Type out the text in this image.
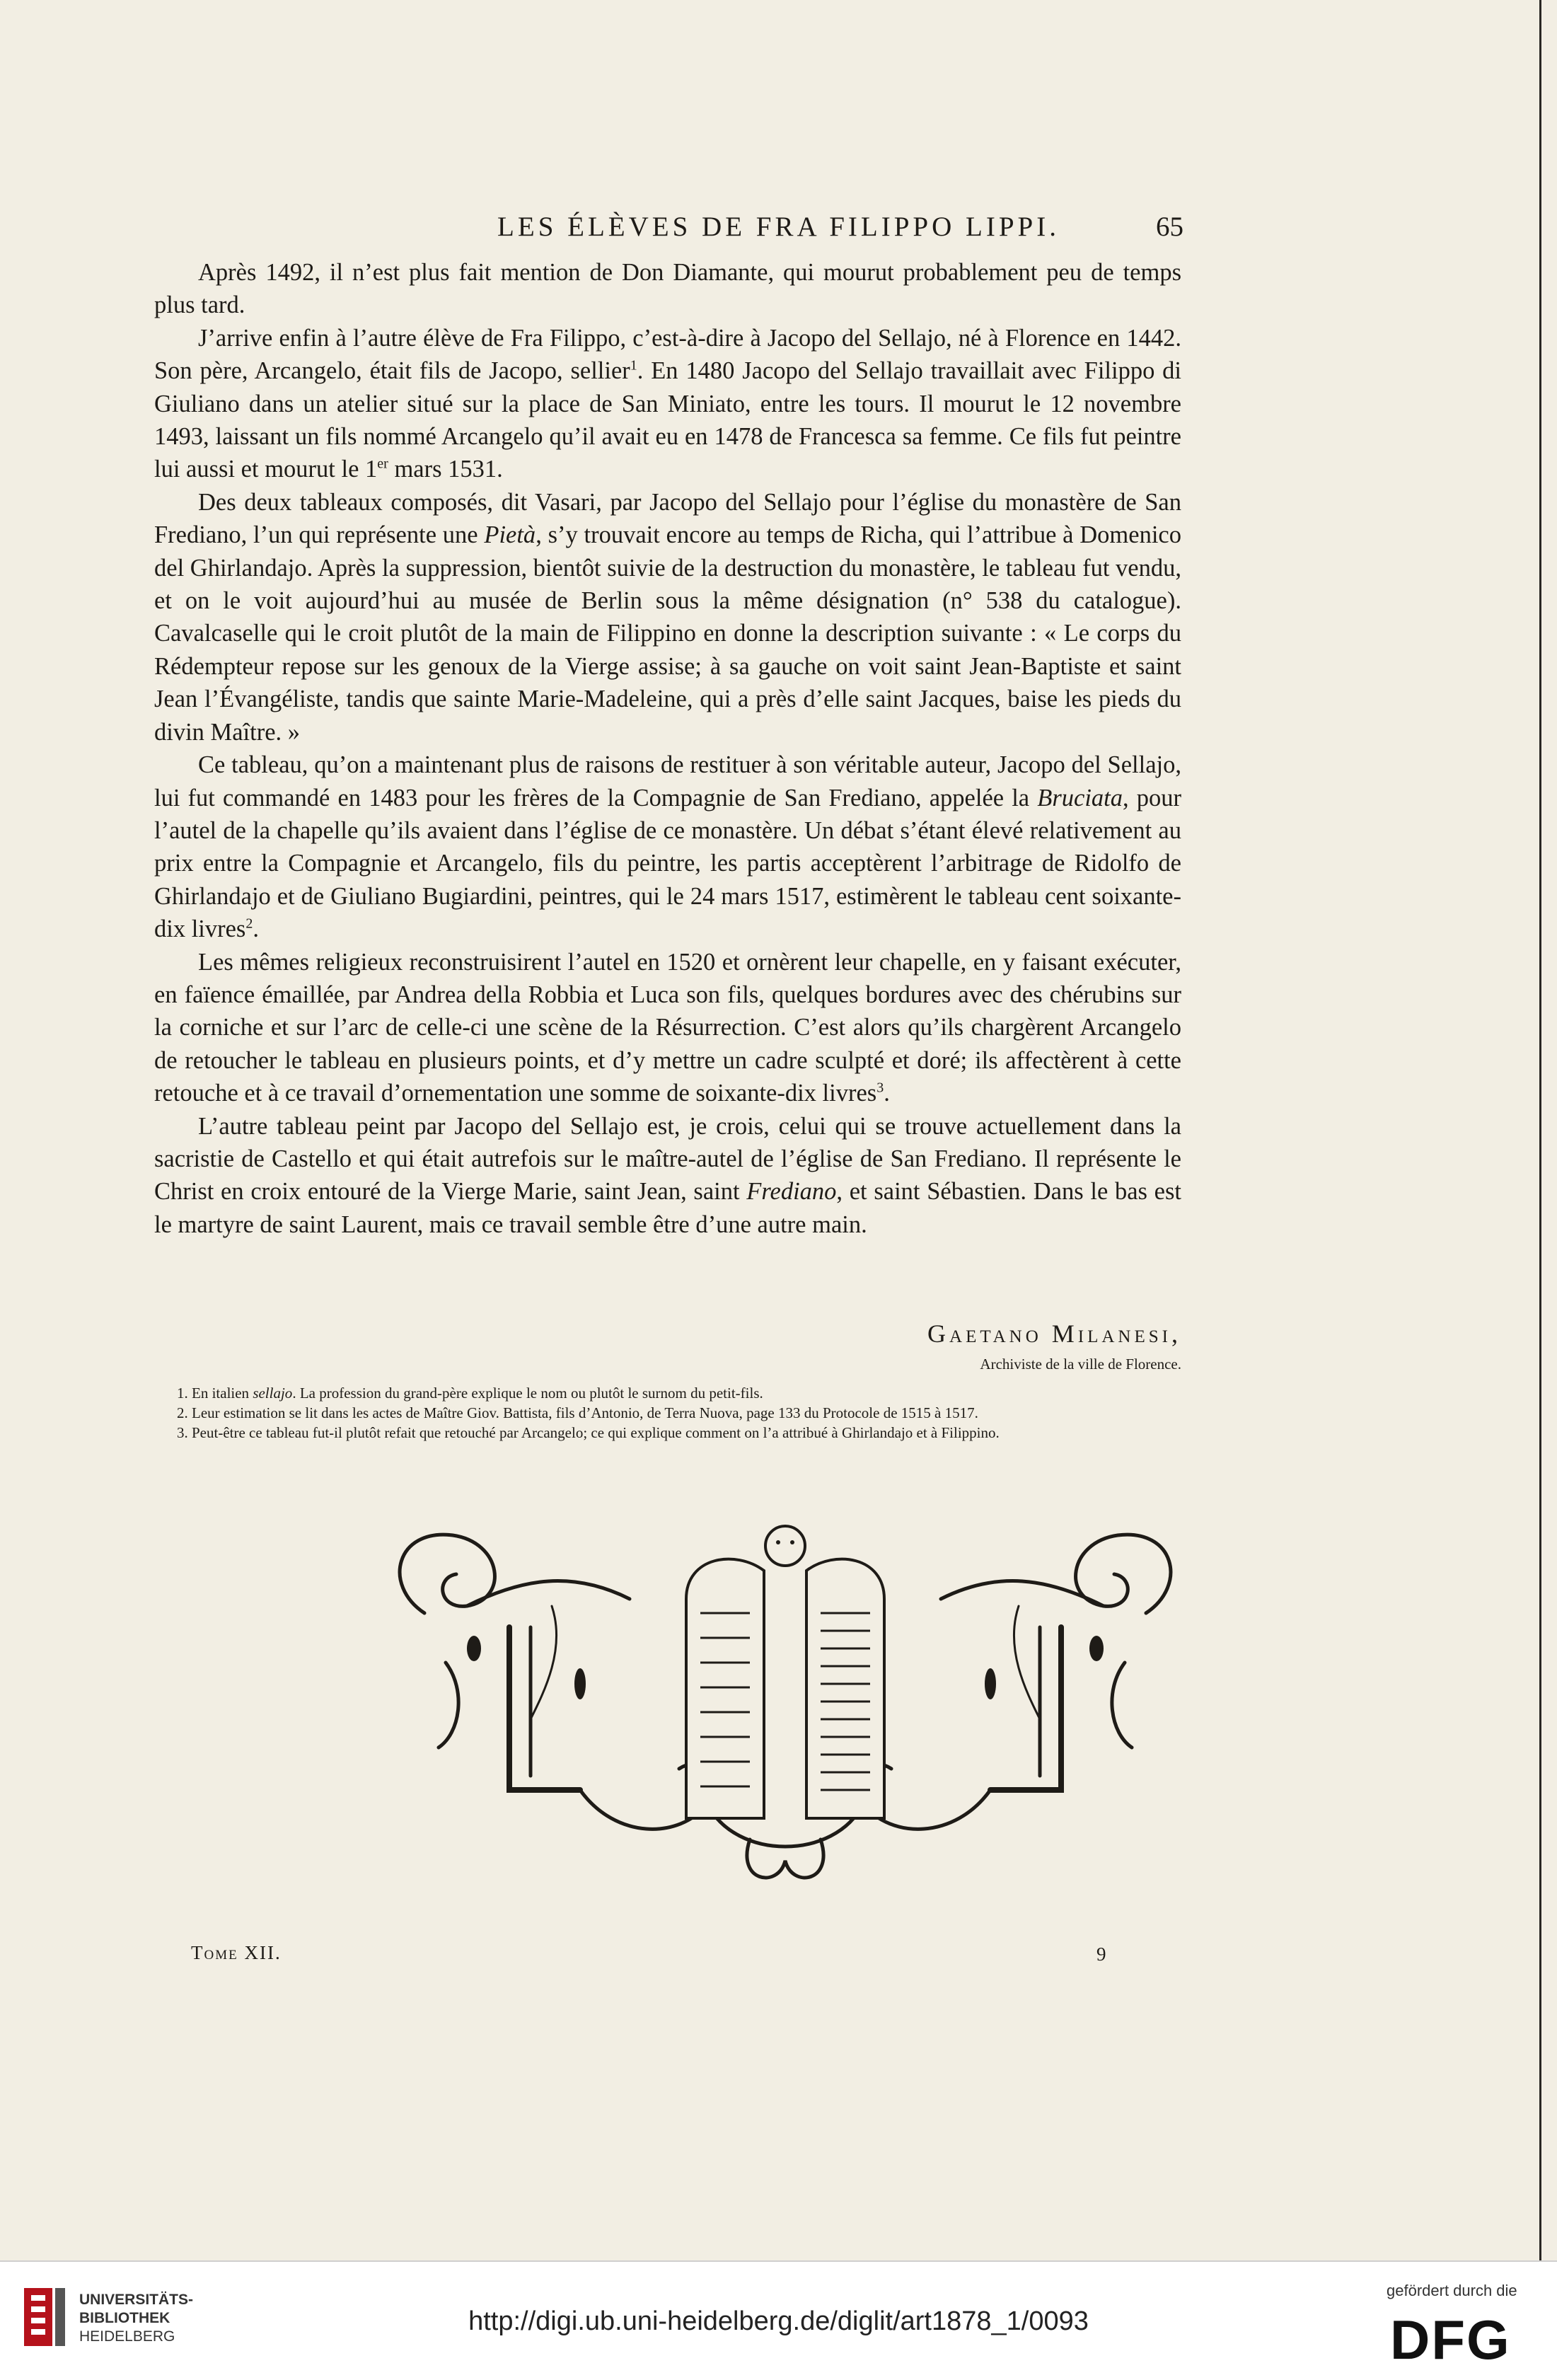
LES ÉLÈVES DE FRA FILIPPO LIPPI.	65

Après 1492, il n’est plus fait mention de Don Diamante, qui mourut probablement peu de temps plus tard.

J’arrive enfin à l’autre élève de Fra Filippo, c’est-à-dire à Jacopo del Sellajo, né à Florence en 1442. Son père, Arcangelo, était fils de Jacopo, sellier$^1$. En 1480 Jacopo del Sellajo travaillait avec Filippo di Giuliano dans un atelier situé sur la place de San Miniato, entre les tours. Il mourut le 12 novembre 1493, laissant un fils nommé Arcangelo qu’il avait eu en 1478 de Francesca sa femme. Ce fils fut peintre lui aussi et mourut le 1er mars 1531.

Des deux tableaux composés, dit Vasari, par Jacopo del Sellajo pour l’église du monastère de San Frediano, l’un qui représente une Pietà, s’y trouvait encore au temps de Richa, qui l’attribue à Domenico del Ghirlandajo. Après la suppression, bientôt suivie de la destruction du monastère, le tableau fut vendu, et on le voit aujourd’hui au musée de Berlin sous la même désignation (n° 538 du catalogue). Cavalcaselle qui le croit plutôt de la main de Filippino en donne la description suivante : « Le corps du Rédempteur repose sur les genoux de la Vierge assise; à sa gauche on voit saint Jean-Baptiste et saint Jean l’Évangéliste, tandis que sainte Marie-Madeleine, qui a près d’elle saint Jacques, baise les pieds du divin Maître. »

Ce tableau, qu’on a maintenant plus de raisons de restituer à son véritable auteur, Jacopo del Sellajo, lui fut commandé en 1483 pour les frères de la Compagnie de San Frediano, appelée la Bruciata, pour l’autel de la chapelle qu’ils avaient dans l’église de ce monastère. Un débat s’étant élevé relativement au prix entre la Compagnie et Arcangelo, fils du peintre, les partis acceptèrent l’arbitrage de Ridolfo de Ghirlandajo et de Giuliano Bugiardini, peintres, qui le 24 mars 1517, estimèrent le tableau cent soixante-dix livres$^2$.

Les mêmes religieux reconstruisirent l’autel en 1520 et ornèrent leur chapelle, en y faisant exécuter, en faïence émaillée, par Andrea della Robbia et Luca son fils, quelques bordures avec des chérubins sur la corniche et sur l’arc de celle-ci une scène de la Résurrection. C’est alors qu’ils chargèrent Arcangelo de retoucher le tableau en plusieurs points, et d’y mettre un cadre sculpté et doré; ils affectèrent à cette retouche et à ce travail d’ornementation une somme de soixante-dix livres$^3$.

L’autre tableau peint par Jacopo del Sellajo est, je crois, celui qui se trouve actuellement dans la sacristie de Castello et qui était autrefois sur le maître-autel de l’église de San Frediano. Il représente le Christ en croix entouré de la Vierge Marie, saint Jean, saint Frediano, et saint Sébastien. Dans le bas est le martyre de saint Laurent, mais ce travail semble être d’une autre main.

Gaetano Milanesi,
Archiviste de la ville de Florence.

1. En italien sellajo. La profession du grand-père explique le nom ou plutôt le surnom du petit-fils.

2. Leur estimation se lit dans les actes de Maître Giov. Battista, fils d’Antonio, de Terra Nuova, page 133 du Protocole de 1515 à 1517.

3. Peut-être ce tableau fut-il plutôt refait que retouché par Arcangelo; ce qui explique comment on l’a attribué à Ghirlandajo et à Filippino.

Tome XII.	9
UNIVERSITÄTS-
BIBLIOTHEK
HEIDELBERG
http://digi.ub.uni-heidelberg.de/diglit/art1878_1/0093
gefördert durch die
DFG
